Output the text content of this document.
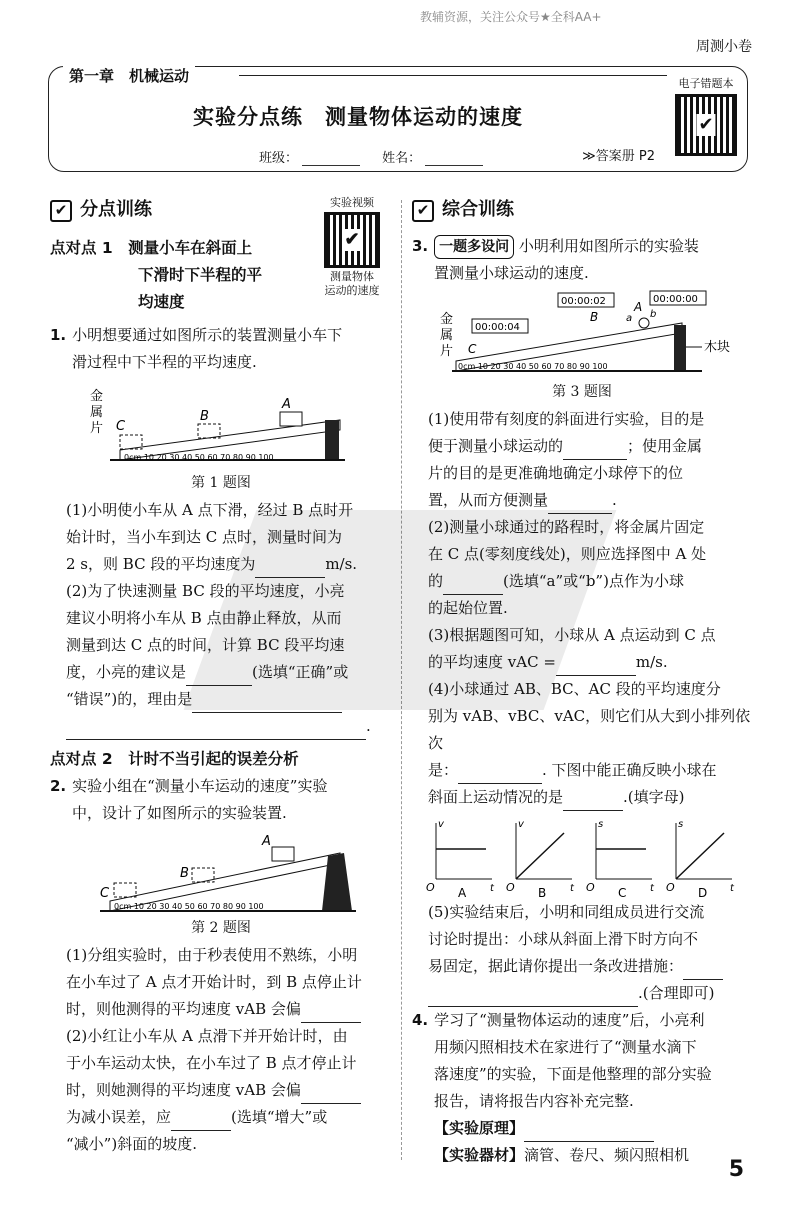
教辅资源，关注公众号★全科AA+
周测小卷
第一章　机械运动
实验分点练　测量物体运动的速度
班级：	姓名：	≫答案册 P2
电子错题本
✔
✔ 分点训练	实验视频
✔
测量物体
运动的速度
点对点 1　测量小车在斜面上
下滑时下半程的平
均速度
1. 小明想要通过如图所示的装置测量小车下
滑过程中下半程的平均速度.
金
属
片 C
B
A
0cm 10 20 30 40 50 60 70 80 90 100
第 1 题图
(1)小明使小车从 A 点下滑，经过 B 点时开
始计时，当小车到达 C 点时，测量时间为
2 s，则 BC 段的平均速度为	m/s.
(2)为了快速测量 BC 段的平均速度，小亮
建议小明将小车从 B 点由静止释放，从而
测量到达 C 点的时间，计算 BC 段平均速
度，小亮的建议是	(选填“正确”或
“错误”)的，理由是
.
点对点 2　计时不当引起的误差分析
2. 实验小组在“测量小车运动的速度”实验
中，设计了如图所示的实验装置.
C
B
A
0cm 10 20 30 40 50 60 70 80 90 100
第 2 题图
(1)分组实验时，由于秒表使用不熟练，小明
在小车过了 A 点才开始计时，到 B 点停止计
时，则他测得的平均速度 vAB 会偏
(2)小红让小车从 A 点滑下并开始计时，由
于小车运动太快，在小车过了 B 点才停止计
时，则她测得的平均速度 vAB 会偏
为减小误差，应	(选填“增大”或
“减小”)斜面的坡度.
✔ 综合训练
3. 一题多设问 小明利用如图所示的实验装
置测量小球运动的速度.
金
属
片	木块
00:00:04
00:00:02	00:00:00
C
B
A
a b
0cm 10 20 30 40 50 60 70 80 90 100
第 3 题图
(1)使用带有刻度的斜面进行实验，目的是
便于测量小球运动的	；使用金属
片的目的是更准确地确定小球停下的位
置，从而方便测量	.
(2)测量小球通过的路程时，将金属片固定
在 C 点(零刻度线处)，则应选择图中 A 处
的	(选填“a”或“b”)点作为小球
的起始位置.
(3)根据题图可知，小球从 A 点运动到 C 点
的平均速度 vAC =	m/s.
(4)小球通过 AB、BC、AC 段的平均速度分
别为 vAB、vBC、vAC，则它们从大到小排列依次
是：	. 下图中能正确反映小球在
斜面上运动情况的是	.(填字母)
v
t
O A
v
t
O B
s
t
O C
s
t
O D
(5)实验结束后，小明和同组成员进行交流
讨论时提出：小球从斜面上滑下时方向不
易固定，据此请你提出一条改进措施：
.(合理即可)
4. 学习了“测量物体运动的速度”后，小亮利
用频闪照相技术在家进行了“测量水滴下
落速度”的实验，下面是他整理的部分实验
报告，请将报告内容补充完整.
【实验原理】
【实验器材】滴管、卷尺、频闪照相机
5
